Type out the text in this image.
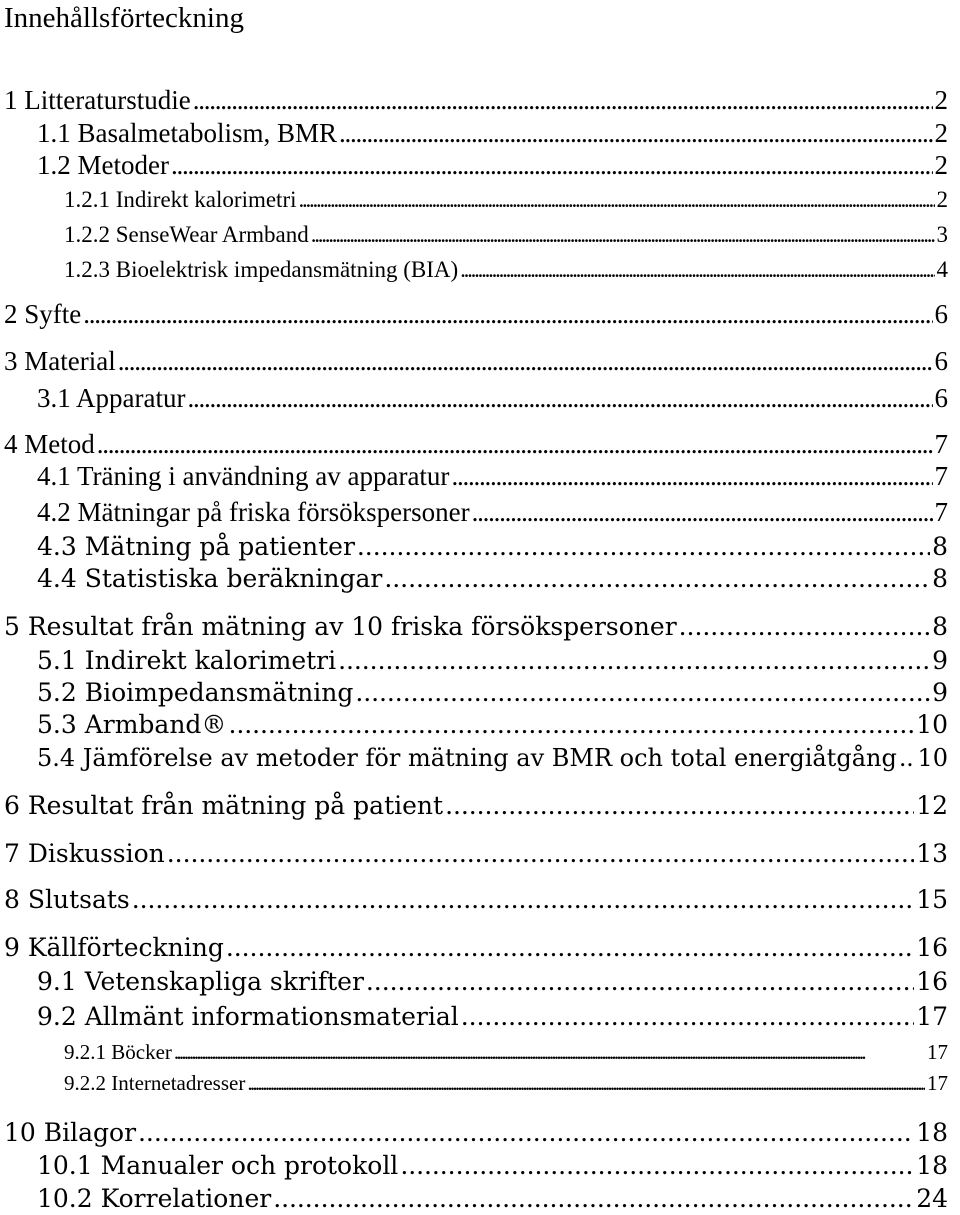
Innehållsförteckning
1 Litteraturstudie . . .	2
1.1 Basalmetabolism, BMR . . .	2
1.2 Metoder . . .	2
1.2.1 Indirekt kalorimetri . . .	2
1.2.2 SenseWear Armband . . .	3
1.2.3 Bioelektrisk impedansmätning (BIA) . . .	4
2 Syfte . . .	6
3 Material . . .	6
3.1 Apparatur . . .	6
4 Metod . . .	7
4.1 Träning i användning av apparatur . . .	7
4.2 Mätningar på friska försökspersoner . . .	7
4.3 Mätning på patienter . . .	8
4.4 Statistiska beräkningar . . .	8
5 Resultat från mätning av 10 friska försökspersoner . . .	8
5.1 Indirekt kalorimetri . . .	9
5.2 Bioimpedansmätning . . .	9
5.3 Armband® . . .	10
5.4 Jämförelse av metoder för mätning av BMR och total energiåtgång . . . 10
6 Resultat från mätning på patient . . .	12
7 Diskussion . . .	13
8 Slutsats . . .	15
9 Källförteckning . . .	16
9.1 Vetenskapliga skrifter . . .	16
9.2 Allmänt informationsmaterial . . .	17
9.2.1 Böcker . . .	17
9.2.2 Internetadresser . . .	17
10 Bilagor . . .	18
10.1 Manualer och protokoll . . .	18
10.2 Korrelationer . . .	24
